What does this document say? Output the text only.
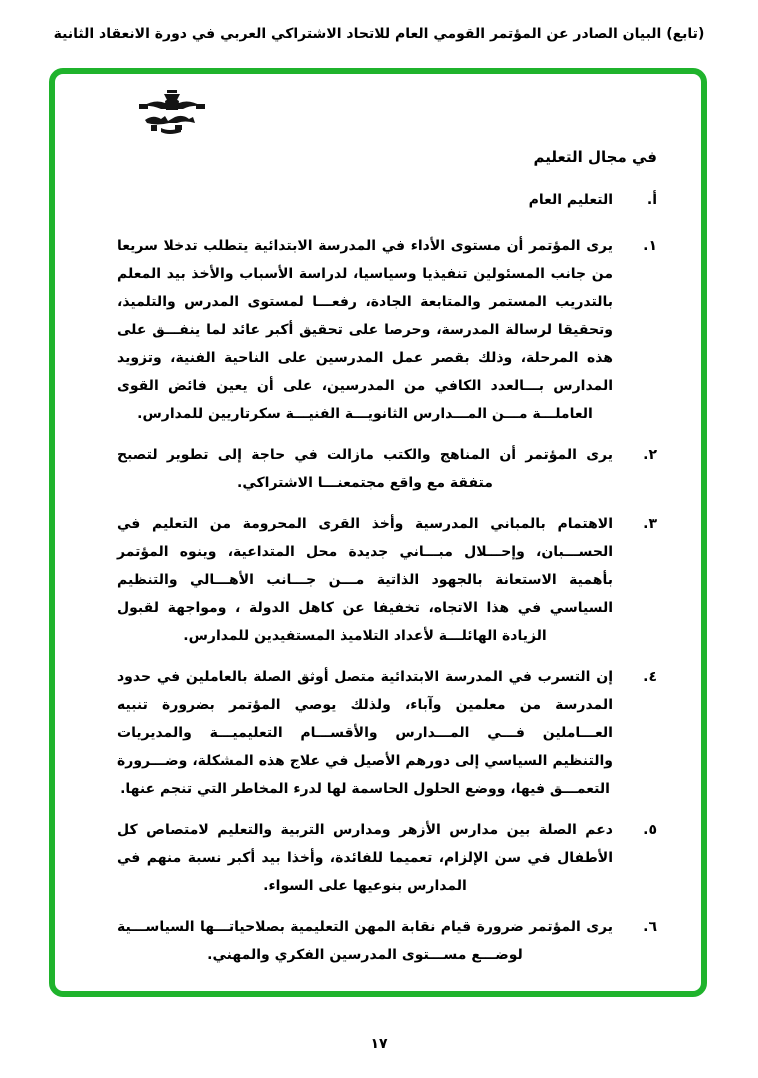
(تابع) البيان الصادر عن المؤتمر القومي العام للاتحاد الاشتراكي العربي في دورة الانعقاد الثانية
في مجال التعليم
أ.
التعليم العام
١.
يرى المؤتمر أن مستوى الأداء في المدرسة الابتدائية يتطلب تدخلا سريعا من جانب المسئولين تنفيذيا وسياسيا، لدراسة الأسباب والأخذ بيد المعلم بالتدريب المستمر والمتابعة الجادة، رفعـــا لمستوى المدرس والتلميذ، وتحقيقا لرسالة المدرسة، وحرصا على تحقيق أكبر عائد لما ينفـــق على هذه المرحلة، وذلك بقصر عمل المدرسين على الناحية الفنية، وتزويد المدارس بـــالعدد الكافي من المدرسين، على أن يعين فائض القوى العاملـــة مـــن المـــدارس الثانويـــة الفنيـــة سكرتاريين للمدارس.
٢.
يرى المؤتمر أن المناهج والكتب مازالت في حاجة إلى تطوير لتصبح متفقة مع واقع مجتمعنـــا الاشتراكي.
٣.
الاهتمام بالمباني المدرسية وأخذ القرى المحرومة من التعليم في الحســـبان، وإحـــلال مبـــاني جديدة محل المتداعية، وينوه المؤتمر بأهمية الاستعانة بالجهود الذاتية مـــن جـــانب الأهـــالي والتنظيم السياسي في هذا الاتجاه، تخفيفا عن كاهل الدولة ، ومواجهة لقبول الزيادة الهائلـــة لأعداد التلاميذ المستفيدين للمدارس.
٤.
إن التسرب في المدرسة الابتدائية متصل أوثق الصلة بالعاملين في حدود المدرسة من معلمين وآباء، ولذلك يوصي المؤتمر بضرورة تنبيه العـــاملين فـــي المـــدارس والأقســـام التعليميـــة والمديريات والتنظيم السياسي إلى دورهم الأصيل في علاج هذه المشكلة، وضـــرورة التعمـــق فيها، ووضع الحلول الحاسمة لها لدرء المخاطر التي تنجم عنها.
٥.
دعم الصلة بين مدارس الأزهر ومدارس التربية والتعليم لامتصاص كل الأطفال في سن الإلزام، تعميما للفائدة، وأخذا بيد أكبر نسبة منهم في المدارس بنوعيها على السواء.
٦.
يرى المؤتمر ضرورة قيام نقابة المهن التعليمية بصلاحياتـــها السياســـية لوضـــع مســـتوى المدرسين الفكري والمهني.
١٧
